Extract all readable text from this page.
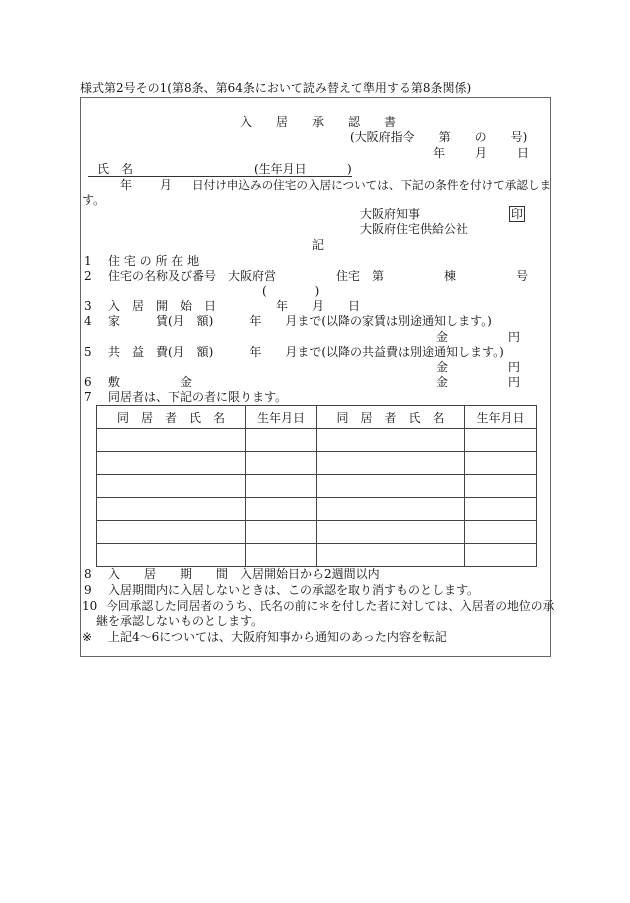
様式第2号その1(第8条、第64条において読み替えて準用する第8条関係)
入　　居　　承　　認　　書
(大阪府指令　　第　　の　　号)
年　　月　　日
氏　名	(生年月日	)
年　　 月 日付け申込みの住宅の入居については、下記の条件を付けて承認しま
す。
大阪府知事	印
大阪府住宅供給公社
記
1 住 宅 の 所 在 地
2 住宅の名称及び番号　大阪府営　　　　　住宅　第　　　　　棟　　　　　号
(　　　　)
3 入　居　開　始　日　　　　　年　　月　　日
4 家　　　賃(月　額)　　　年　　月まで(以降の家賃は別途通知します。)
金　　　　　円
5 共　益　費(月　額)　　　年　　月まで(以降の共益費は別途通知します。)
金　　　　　円
6 敷　　　　　金	金　　　　　円
7 同居者は、下記の者に限ります。
同　居　者　氏　名	生年月日	同　居　者　氏　名	生年月日

8 入　　居　　期　　間　入居開始日から2週間以内
9 入居期間内に入居しないときは、この承認を取り消すものとします。
10 今回承認した同居者のうち、氏名の前に＊を付した者に対しては、入居者の地位の承
継を承認しないものとします。
※ 上記4～6については、大阪府知事から通知のあった内容を転記
